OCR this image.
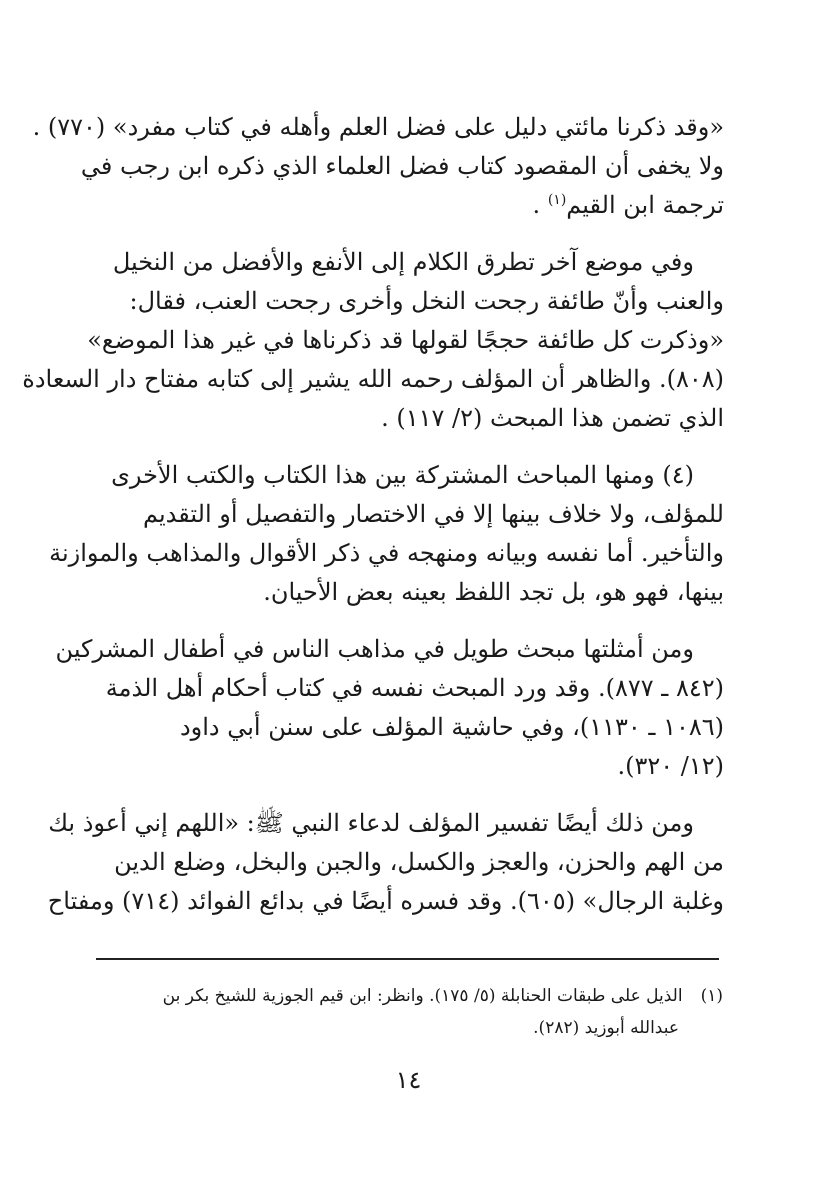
«وقد ذكرنا مائتي دليل على فضل العلم وأهله في كتاب مفرد» (٧٧٠) .
ولا يخفى أن المقصود كتاب فضل العلماء الذي ذكره ابن رجب في
ترجمة ابن القيم$^{(١)}$ .

وفي موضع آخر تطرق الكلام إلى الأنفع والأفضل من النخيل
والعنب وأنّ طائفة رجحت النخل وأخرى رجحت العنب، فقال:
«وذكرت كل طائفة حججًا لقولها قد ذكرناها في غير هذا الموضع»
(٨٠٨). والظاهر أن المؤلف رحمه الله يشير إلى كتابه مفتاح دار السعادة
الذي تضمن هذا المبحث (٢/ ١١٧) .

(٤) ومنها المباحث المشتركة بين هذا الكتاب والكتب الأخرى
للمؤلف، ولا خلاف بينها إلا في الاختصار والتفصيل أو التقديم
والتأخير. أما نفسه وبيانه ومنهجه في ذكر الأقوال والمذاهب والموازنة
بينها، فهو هو، بل تجد اللفظ بعينه بعض الأحيان.

ومن أمثلتها مبحث طويل في مذاهب الناس في أطفال المشركين
(٨٤٢ ـ ٨٧٧). وقد ورد المبحث نفسه في كتاب أحكام أهل الذمة
(١٠٨٦ ـ ١١٣٠)، وفي حاشية المؤلف على سنن أبي داود
(١٢/ ٣٢٠).

ومن ذلك أيضًا تفسير المؤلف لدعاء النبي ﷺ: «اللهم إني أعوذ بك
من الهم والحزن، والعجز والكسل، والجبن والبخل، وضلع الدين
وغلبة الرجال» (٦٠٥). وقد فسره أيضًا في بدائع الفوائد (٧١٤) ومفتاح

(١)الذيل على طبقات الحنابلة (٥/ ١٧٥). وانظر: ابن قيم الجوزية للشيخ بكر بن
عبدالله أبوزيد (٢٨٢).
١٤
